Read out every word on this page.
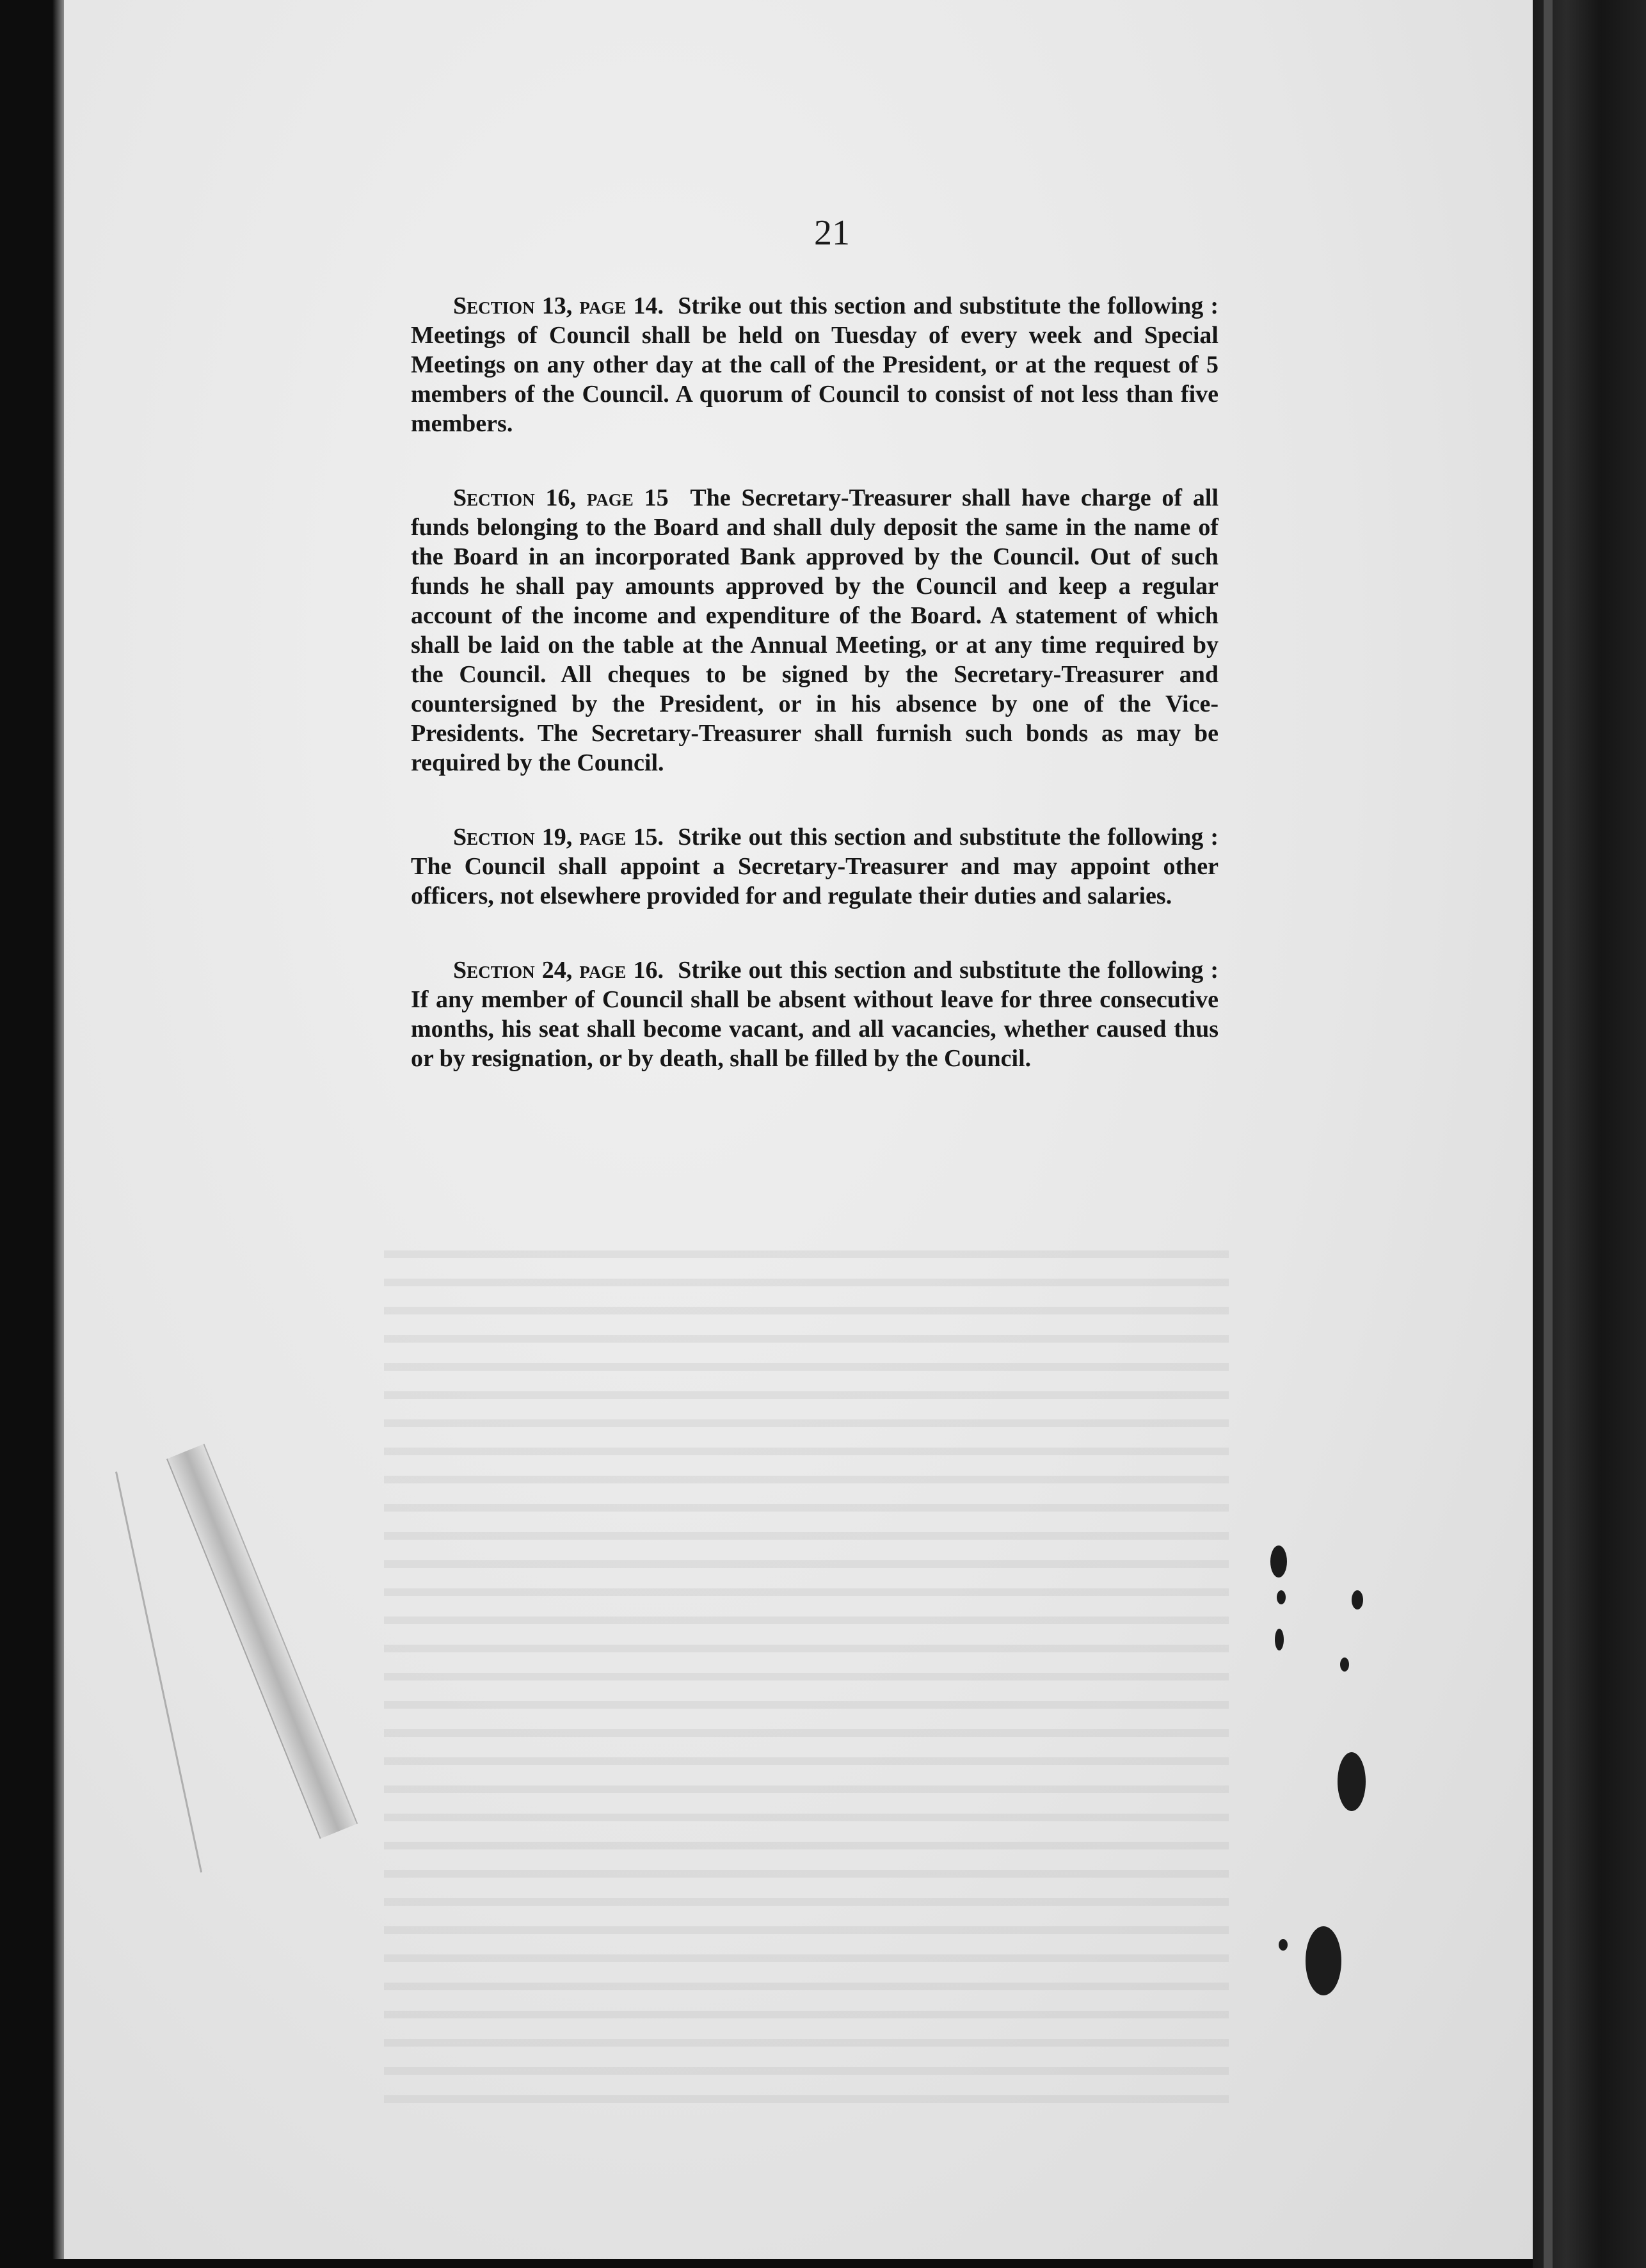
21

Section 13, page 14. Strike out this section and substitute the following : Meetings of Council shall be held on Tuesday of every week and Special Meetings on any other day at the call of the President, or at the request of 5 members of the Council. A quorum of Council to consist of not less than five members.

Section 16, page 15 The Secretary-Treasurer shall have charge of all funds belonging to the Board and shall duly deposit the same in the name of the Board in an incorporated Bank approved by the Council. Out of such funds he shall pay amounts approved by the Council and keep a regular account of the income and expenditure of the Board. A statement of which shall be laid on the table at the Annual Meeting, or at any time required by the Council. All cheques to be signed by the Secretary-Treasurer and countersigned by the President, or in his absence by one of the Vice-Presidents. The Secretary-Treasurer shall furnish such bonds as may be required by the Council.

Section 19, page 15. Strike out this section and substitute the following : The Council shall appoint a Secretary-Treasurer and may appoint other officers, not elsewhere provided for and regulate their duties and salaries.

Section 24, page 16. Strike out this section and substitute the following : If any member of Council shall be absent without leave for three consecutive months, his seat shall become vacant, and all vacancies, whether caused thus or by resignation, or by death, shall be filled by the Council.
